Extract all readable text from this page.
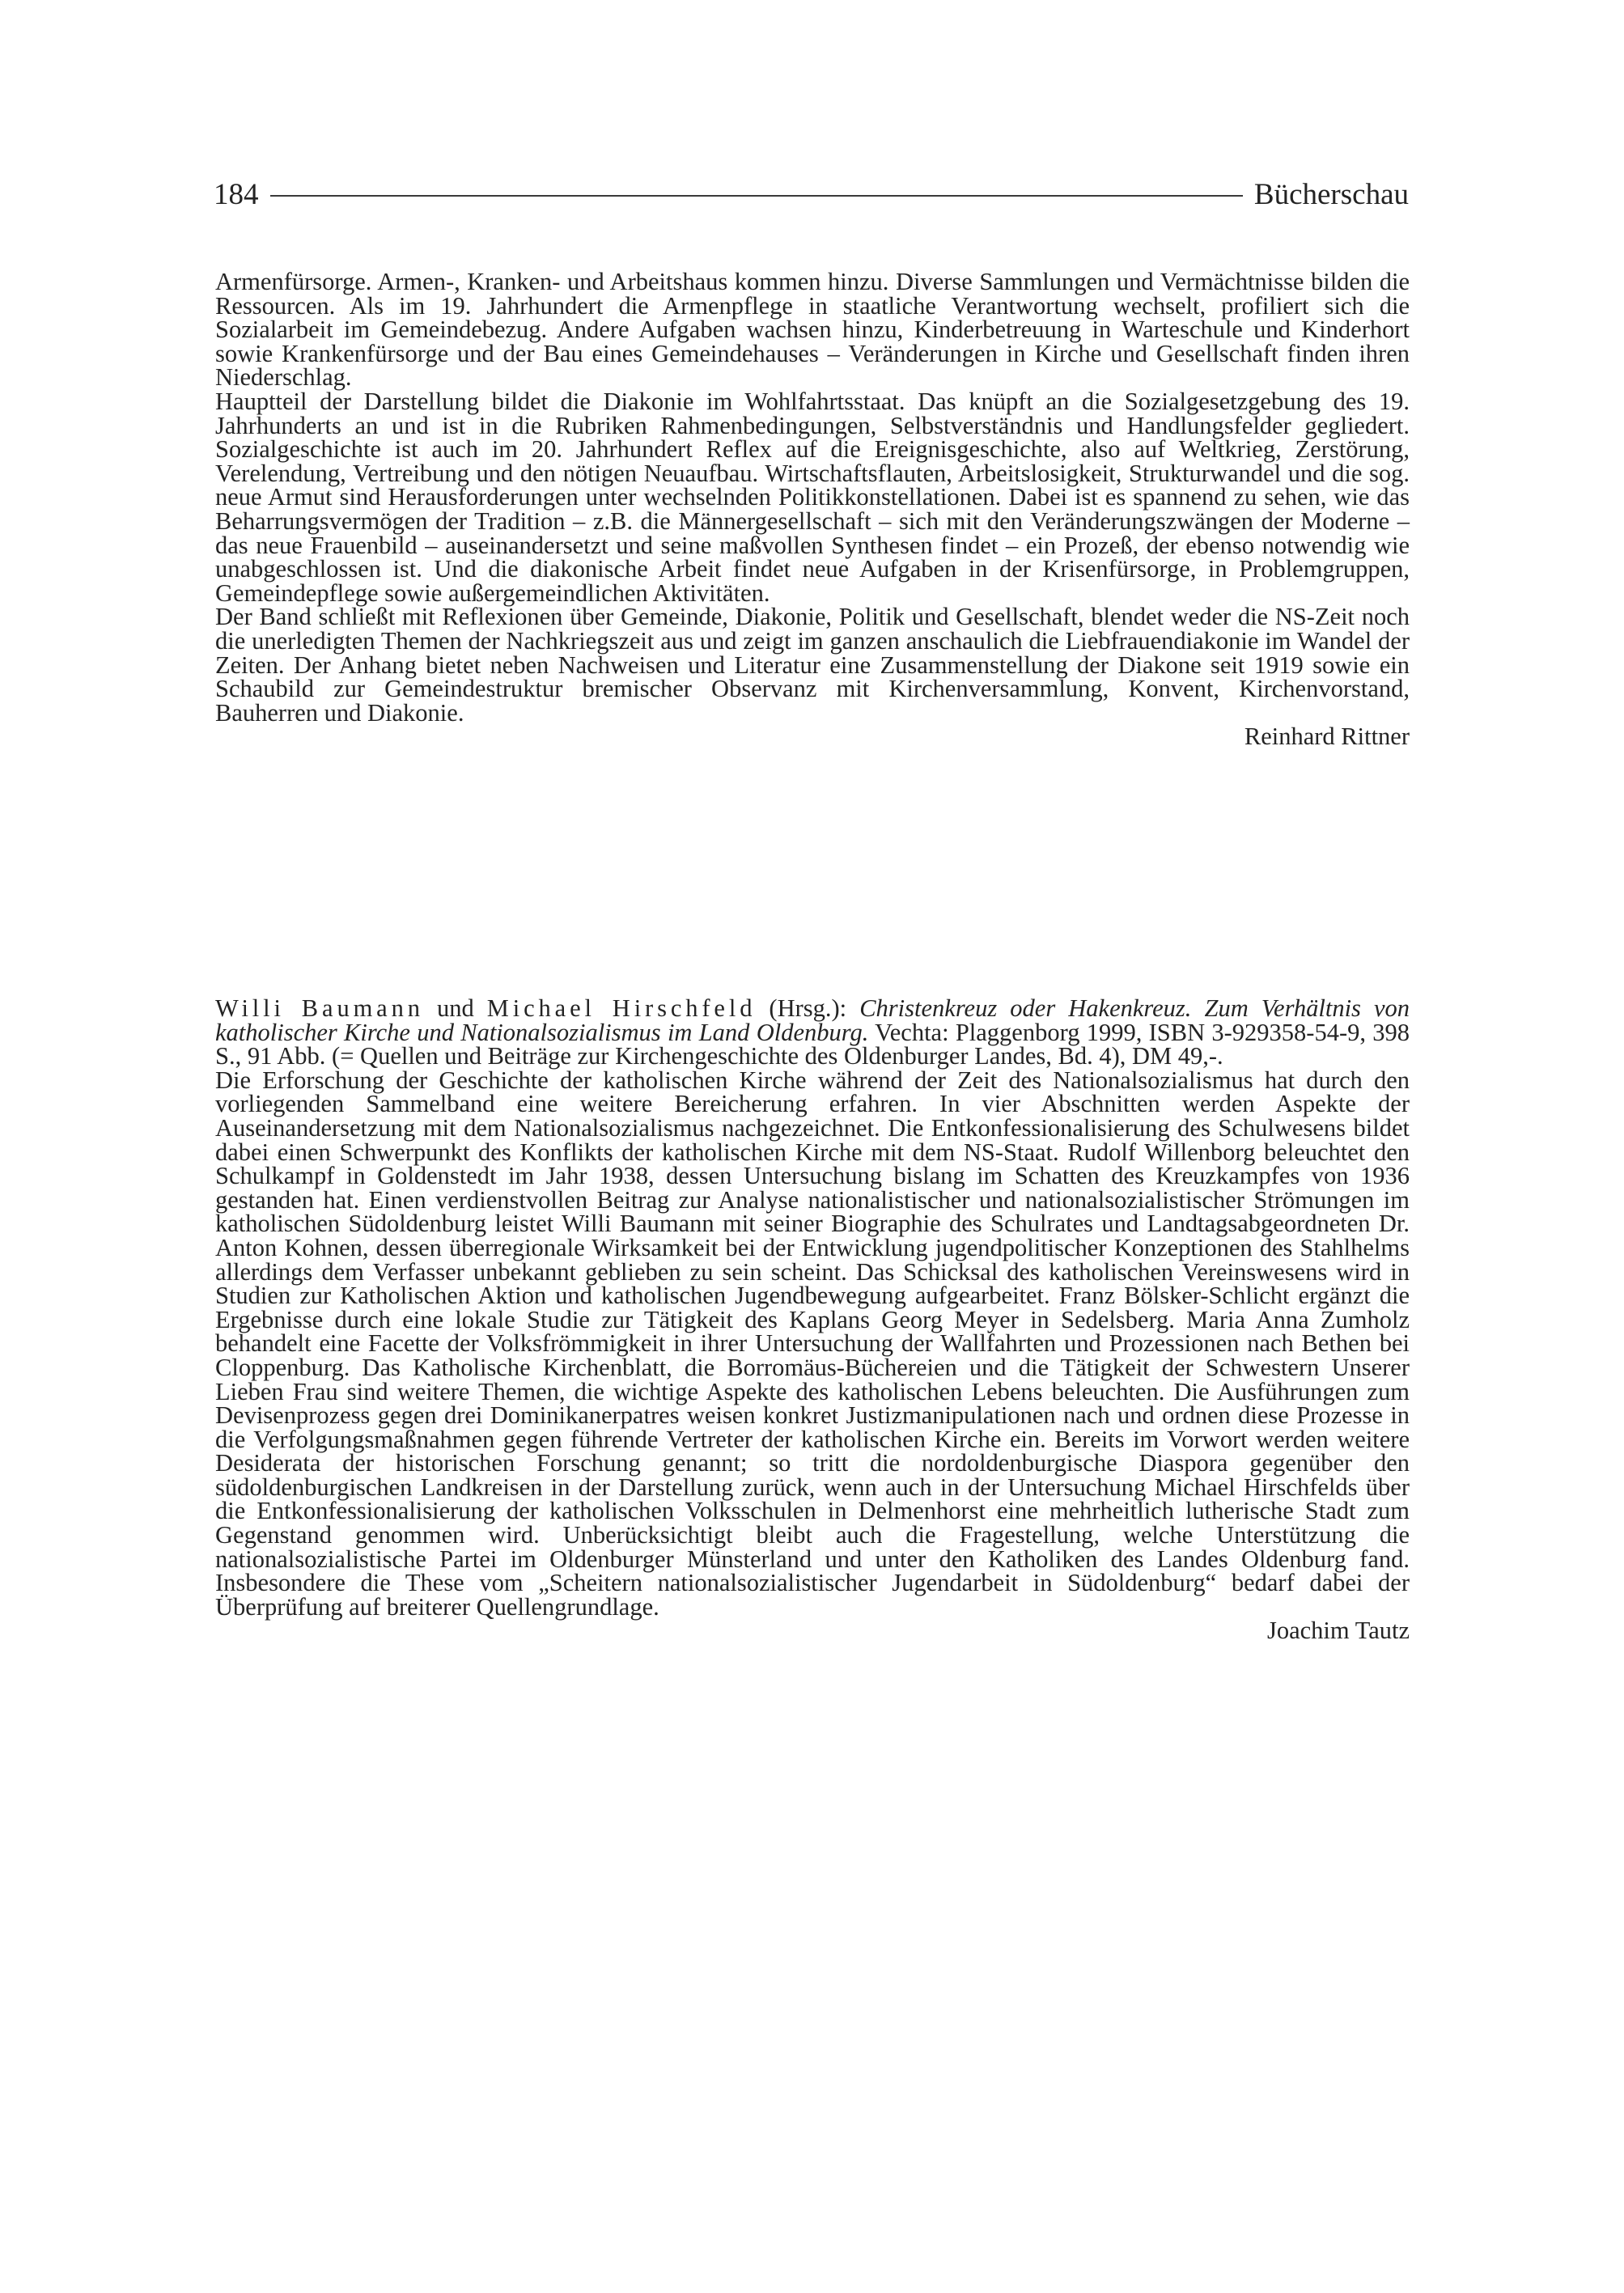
184	Bücherschau

Armenfürsorge. Armen-, Kranken- und Arbeitshaus kommen hinzu. Diverse Sammlungen und Vermächtnisse bilden die Ressourcen. Als im 19. Jahrhundert die Armenpflege in staatliche Verantwortung wechselt, profiliert sich die Sozialarbeit im Gemeindebezug. Andere Aufgaben wachsen hinzu, Kinderbetreuung in Warteschule und Kinderhort sowie Krankenfürsorge und der Bau eines Gemeindehauses – Veränderungen in Kirche und Gesellschaft finden ihren Niederschlag.

Hauptteil der Darstellung bildet die Diakonie im Wohlfahrtsstaat. Das knüpft an die Sozialgesetzgebung des 19. Jahrhunderts an und ist in die Rubriken Rahmenbedingungen, Selbstverständnis und Handlungsfelder gegliedert. Sozialgeschichte ist auch im 20. Jahrhundert Reflex auf die Ereignisgeschichte, also auf Weltkrieg, Zerstörung, Verelendung, Vertreibung und den nötigen Neuaufbau. Wirtschaftsflauten, Arbeitslosigkeit, Strukturwandel und die sog. neue Armut sind Herausforderungen unter wechselnden Politikkonstellationen. Dabei ist es spannend zu sehen, wie das Beharrungsvermögen der Tradition – z.B. die Männergesellschaft – sich mit den Veränderungszwängen der Moderne – das neue Frauenbild – auseinandersetzt und seine maßvollen Synthesen findet – ein Prozeß, der ebenso notwendig wie unabgeschlossen ist. Und die diakonische Arbeit findet neue Aufgaben in der Krisenfürsorge, in Problemgruppen, Gemeindepflege sowie außergemeindlichen Aktivitäten.

Der Band schließt mit Reflexionen über Gemeinde, Diakonie, Politik und Gesellschaft, blendet weder die NS-Zeit noch die unerledigten Themen der Nachkriegszeit aus und zeigt im ganzen anschaulich die Liebfrauendiakonie im Wandel der Zeiten. Der Anhang bietet neben Nachweisen und Literatur eine Zusammenstellung der Diakone seit 1919 sowie ein Schaubild zur Gemeindestruktur bremischer Observanz mit Kirchenversammlung, Konvent, Kirchenvorstand, Bauherren und Diakonie.

Reinhard Rittner

Willi Baumann und Michael Hirschfeld (Hrsg.): Christenkreuz oder Hakenkreuz. Zum Verhältnis von katholischer Kirche und Nationalsozialismus im Land Oldenburg. Vechta: Plaggenborg 1999, ISBN 3-929358-54-9, 398 S., 91 Abb. (= Quellen und Beiträge zur Kirchengeschichte des Oldenburger Landes, Bd. 4), DM 49,-.

Die Erforschung der Geschichte der katholischen Kirche während der Zeit des Nationalsozialismus hat durch den vorliegenden Sammelband eine weitere Bereicherung erfahren. In vier Abschnitten werden Aspekte der Auseinandersetzung mit dem Nationalsozialismus nachgezeichnet. Die Entkonfessionalisierung des Schulwesens bildet dabei einen Schwerpunkt des Konflikts der katholischen Kirche mit dem NS-Staat. Rudolf Willenborg beleuchtet den Schulkampf in Goldenstedt im Jahr 1938, dessen Untersuchung bislang im Schatten des Kreuzkampfes von 1936 gestanden hat. Einen verdienstvollen Beitrag zur Analyse nationalistischer und nationalsozialistischer Strömungen im katholischen Südoldenburg leistet Willi Baumann mit seiner Biographie des Schulrates und Landtagsabgeordneten Dr. Anton Kohnen, dessen überregionale Wirksamkeit bei der Entwicklung jugendpolitischer Konzeptionen des Stahlhelms allerdings dem Verfasser unbekannt geblieben zu sein scheint. Das Schicksal des katholischen Vereinswesens wird in Studien zur Katholischen Aktion und katholischen Jugendbewegung aufgearbeitet. Franz Bölsker-Schlicht ergänzt die Ergebnisse durch eine lokale Studie zur Tätigkeit des Kaplans Georg Meyer in Sedelsberg. Maria Anna Zumholz behandelt eine Facette der Volksfrömmigkeit in ihrer Untersuchung der Wallfahrten und Prozessionen nach Bethen bei Cloppenburg. Das Katholische Kirchenblatt, die Borromäus-Büchereien und die Tätigkeit der Schwestern Unserer Lieben Frau sind weitere Themen, die wichtige Aspekte des katholischen Lebens beleuchten. Die Ausführungen zum Devisenprozess gegen drei Dominikanerpatres weisen konkret Justizmanipulationen nach und ordnen diese Prozesse in die Verfolgungsmaßnahmen gegen führende Vertreter der katholischen Kirche ein. Bereits im Vorwort werden weitere Desiderata der historischen Forschung genannt; so tritt die nordoldenburgische Diaspora gegenüber den südoldenburgischen Landkreisen in der Darstellung zurück, wenn auch in der Untersuchung Michael Hirschfelds über die Entkonfessionalisierung der katholischen Volksschulen in Delmenhorst eine mehrheitlich lutherische Stadt zum Gegenstand genommen wird. Unberücksichtigt bleibt auch die Fragestellung, welche Unterstützung die nationalsozialistische Partei im Oldenburger Münsterland und unter den Katholiken des Landes Oldenburg fand. Insbesondere die These vom „Scheitern nationalsozialistischer Jugendarbeit in Südoldenburg“ bedarf dabei der Überprüfung auf breiterer Quellengrundlage.

Joachim Tautz
